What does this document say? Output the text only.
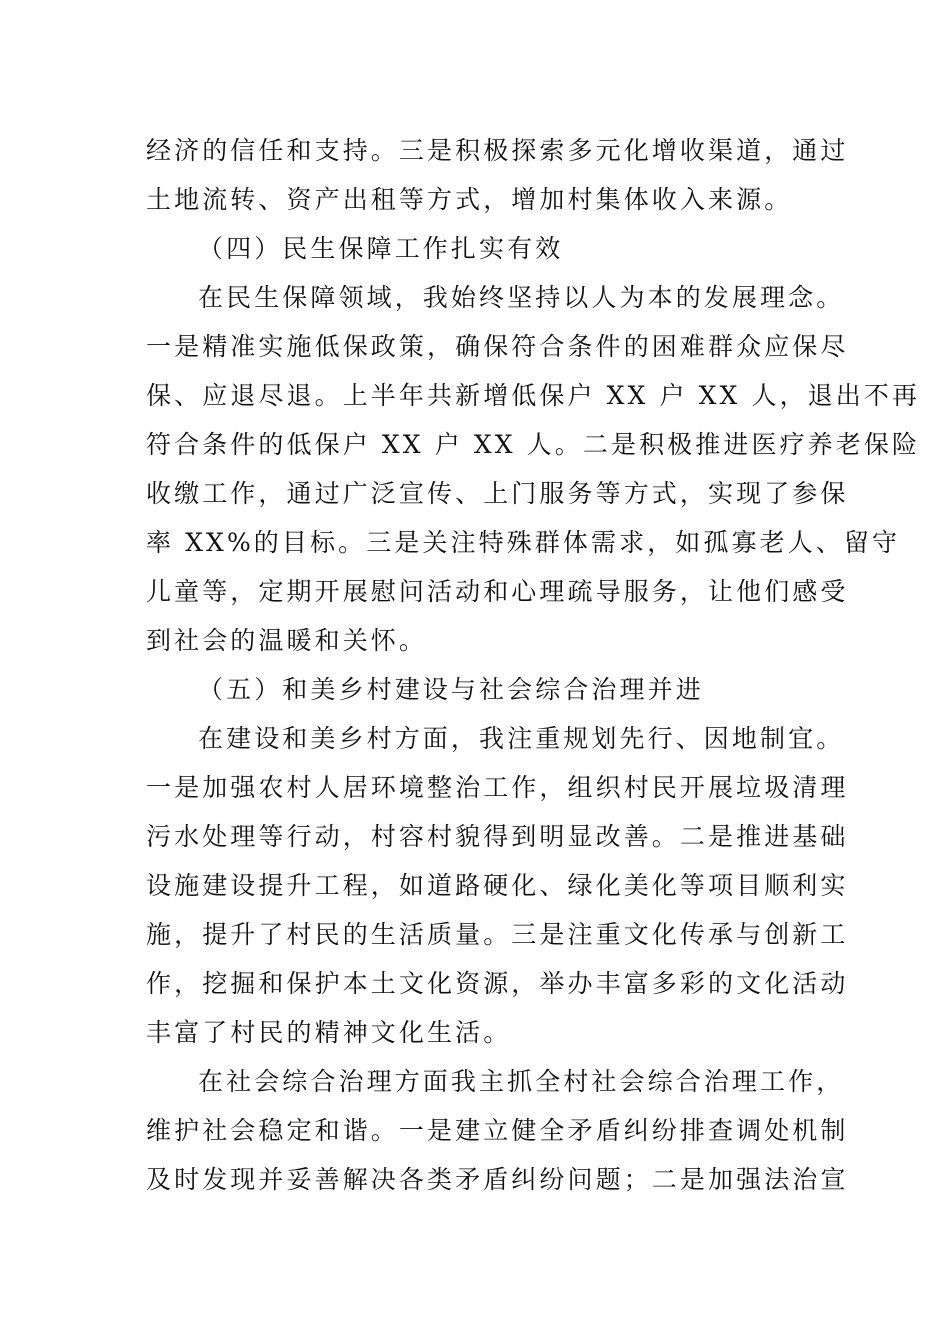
经济的信任和支持。三是积极探索多元化增收渠道，通过
土地流转、资产出租等方式，增加村集体收入来源。
（四）民生保障工作扎实有效
在民生保障领域，我始终坚持以人为本的发展理念。
一是精准实施低保政策，确保符合条件的困难群众应保尽
保、应退尽退。上半年共新增低保户 XX 户 XX 人，退出不再
符合条件的低保户 XX 户 XX 人。二是积极推进医疗养老保险
收缴工作，通过广泛宣传、上门服务等方式，实现了参保
率 XX%的目标。三是关注特殊群体需求，如孤寡老人、留守
儿童等，定期开展慰问活动和心理疏导服务，让他们感受
到社会的温暖和关怀。
（五）和美乡村建设与社会综合治理并进
在建设和美乡村方面，我注重规划先行、因地制宜。
一是加强农村人居环境整治工作，组织村民开展垃圾清理
污水处理等行动，村容村貌得到明显改善。二是推进基础
设施建设提升工程，如道路硬化、绿化美化等项目顺利实
施，提升了村民的生活质量。三是注重文化传承与创新工
作，挖掘和保护本土文化资源，举办丰富多彩的文化活动
丰富了村民的精神文化生活。
在社会综合治理方面我主抓全村社会综合治理工作，
维护社会稳定和谐。一是建立健全矛盾纠纷排查调处机制
及时发现并妥善解决各类矛盾纠纷问题；二是加强法治宣
